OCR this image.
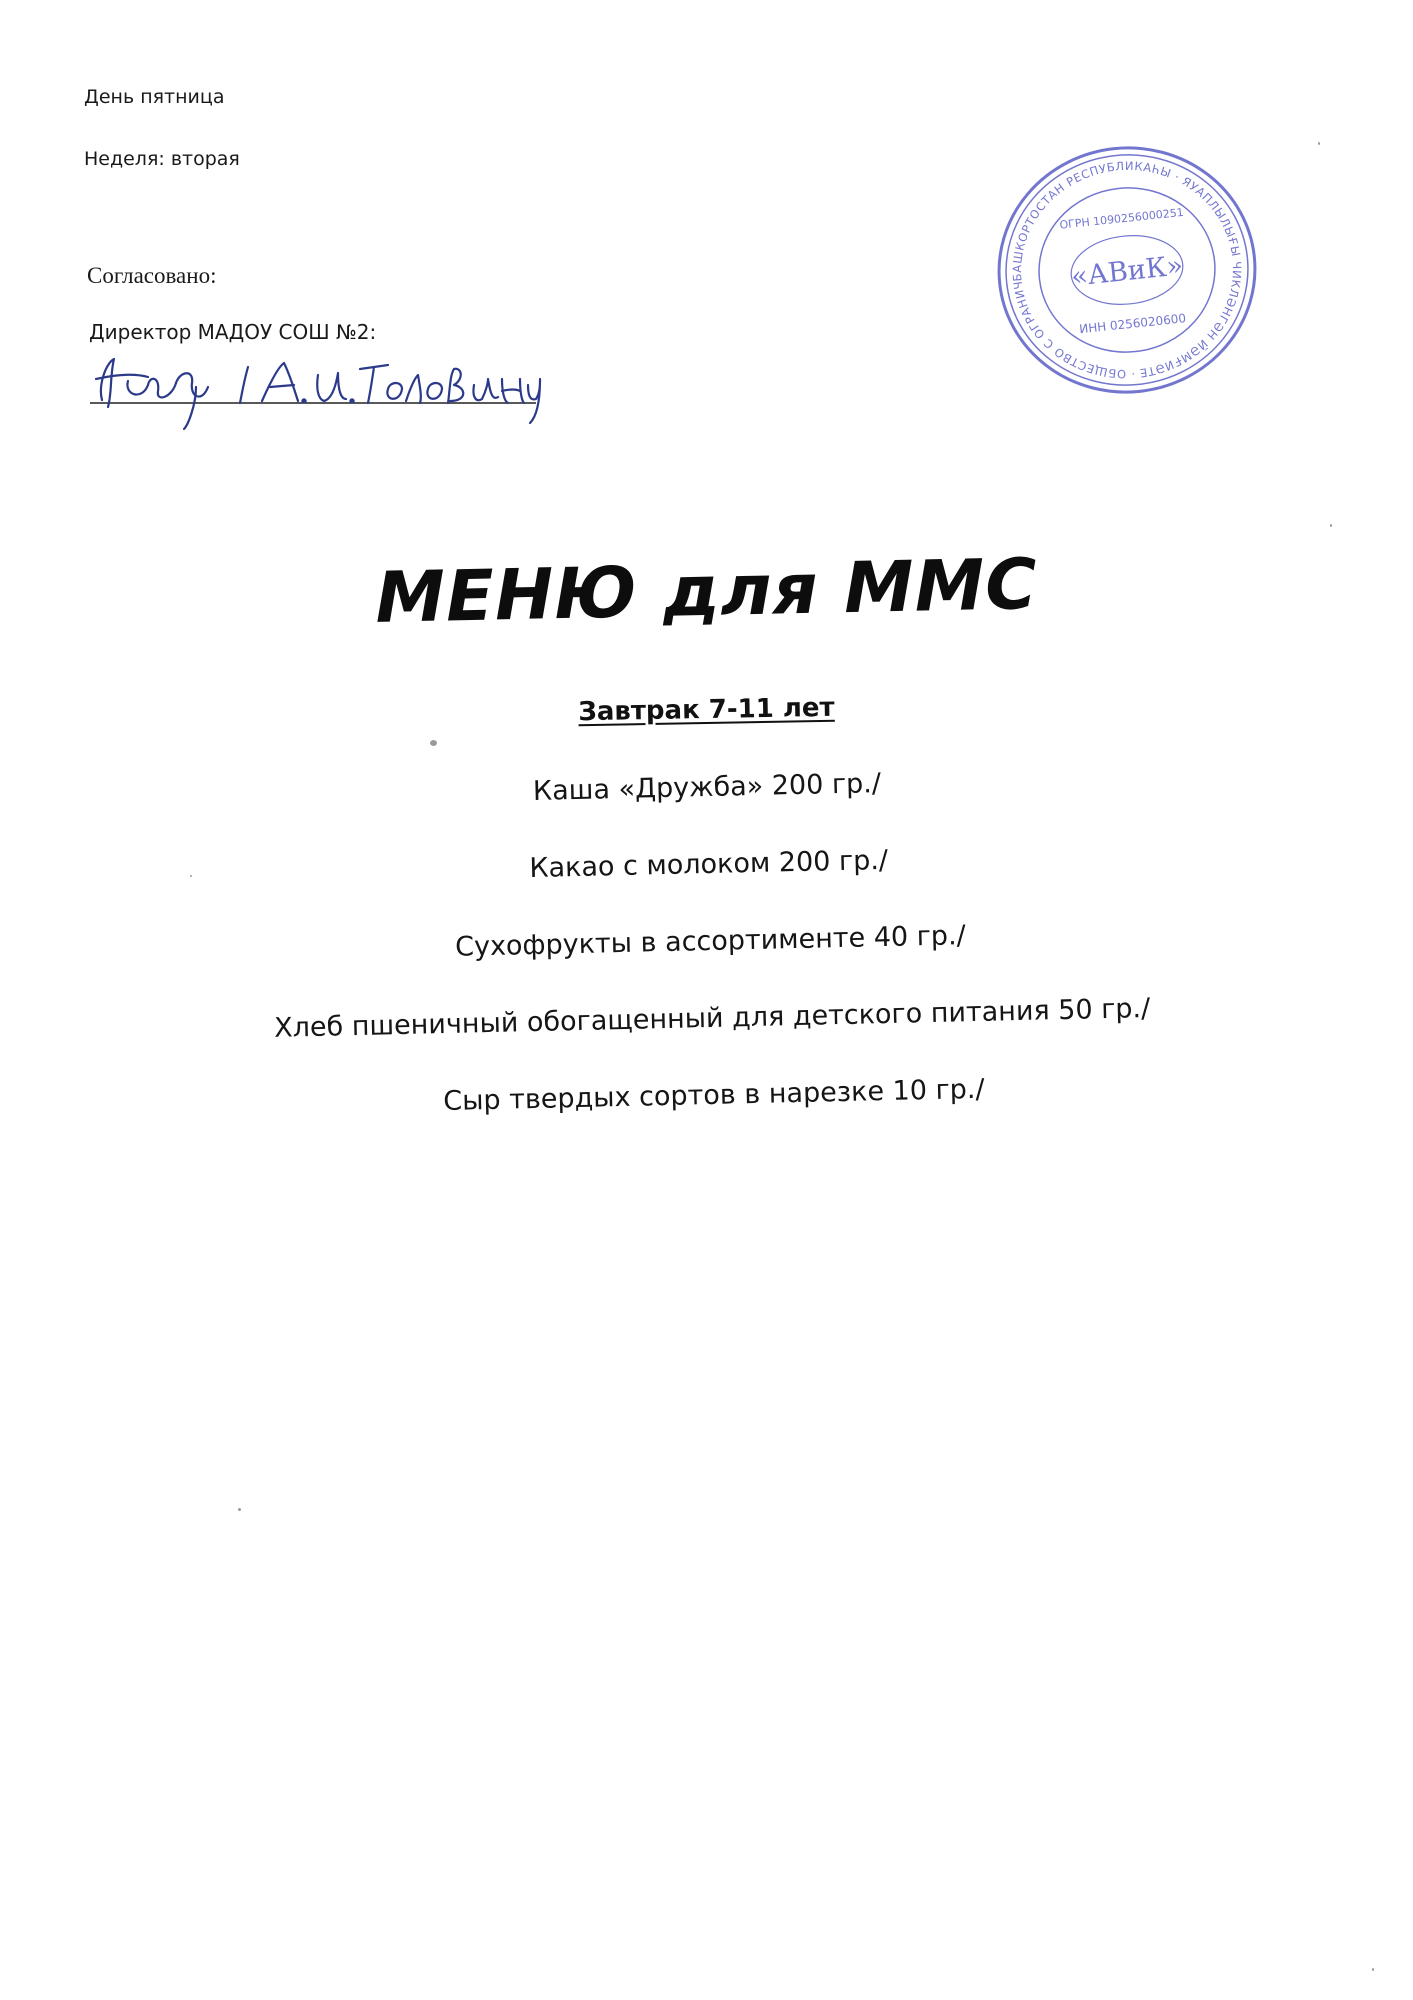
День пятница
Неделя: вторая
Согласовано:
Директор МАДОУ СОШ №2:
БАШКОРТОСТАН РЕСПУБЛИКАҺЫ · ЯУАПЛЫЛЫҒЫ ЧИКЛӘНГӘН ЙӘМҒИӘТЕ · ОБЩЕСТВО С ОГРАНИЧЕННОЙ
ОГРН 1090256000251
«АВиК»
ИНН 0256020600
МЕНЮ для ММС
Завтрак 7-11 лет
Каша «Дружба» 200 гр./
Какао с молоком 200 гр./
Сухофрукты в ассортименте 40 гр./
Хлеб пшеничный обогащенный для детского питания 50 гр./
Сыр твердых сортов в нарезке 10 гр./
